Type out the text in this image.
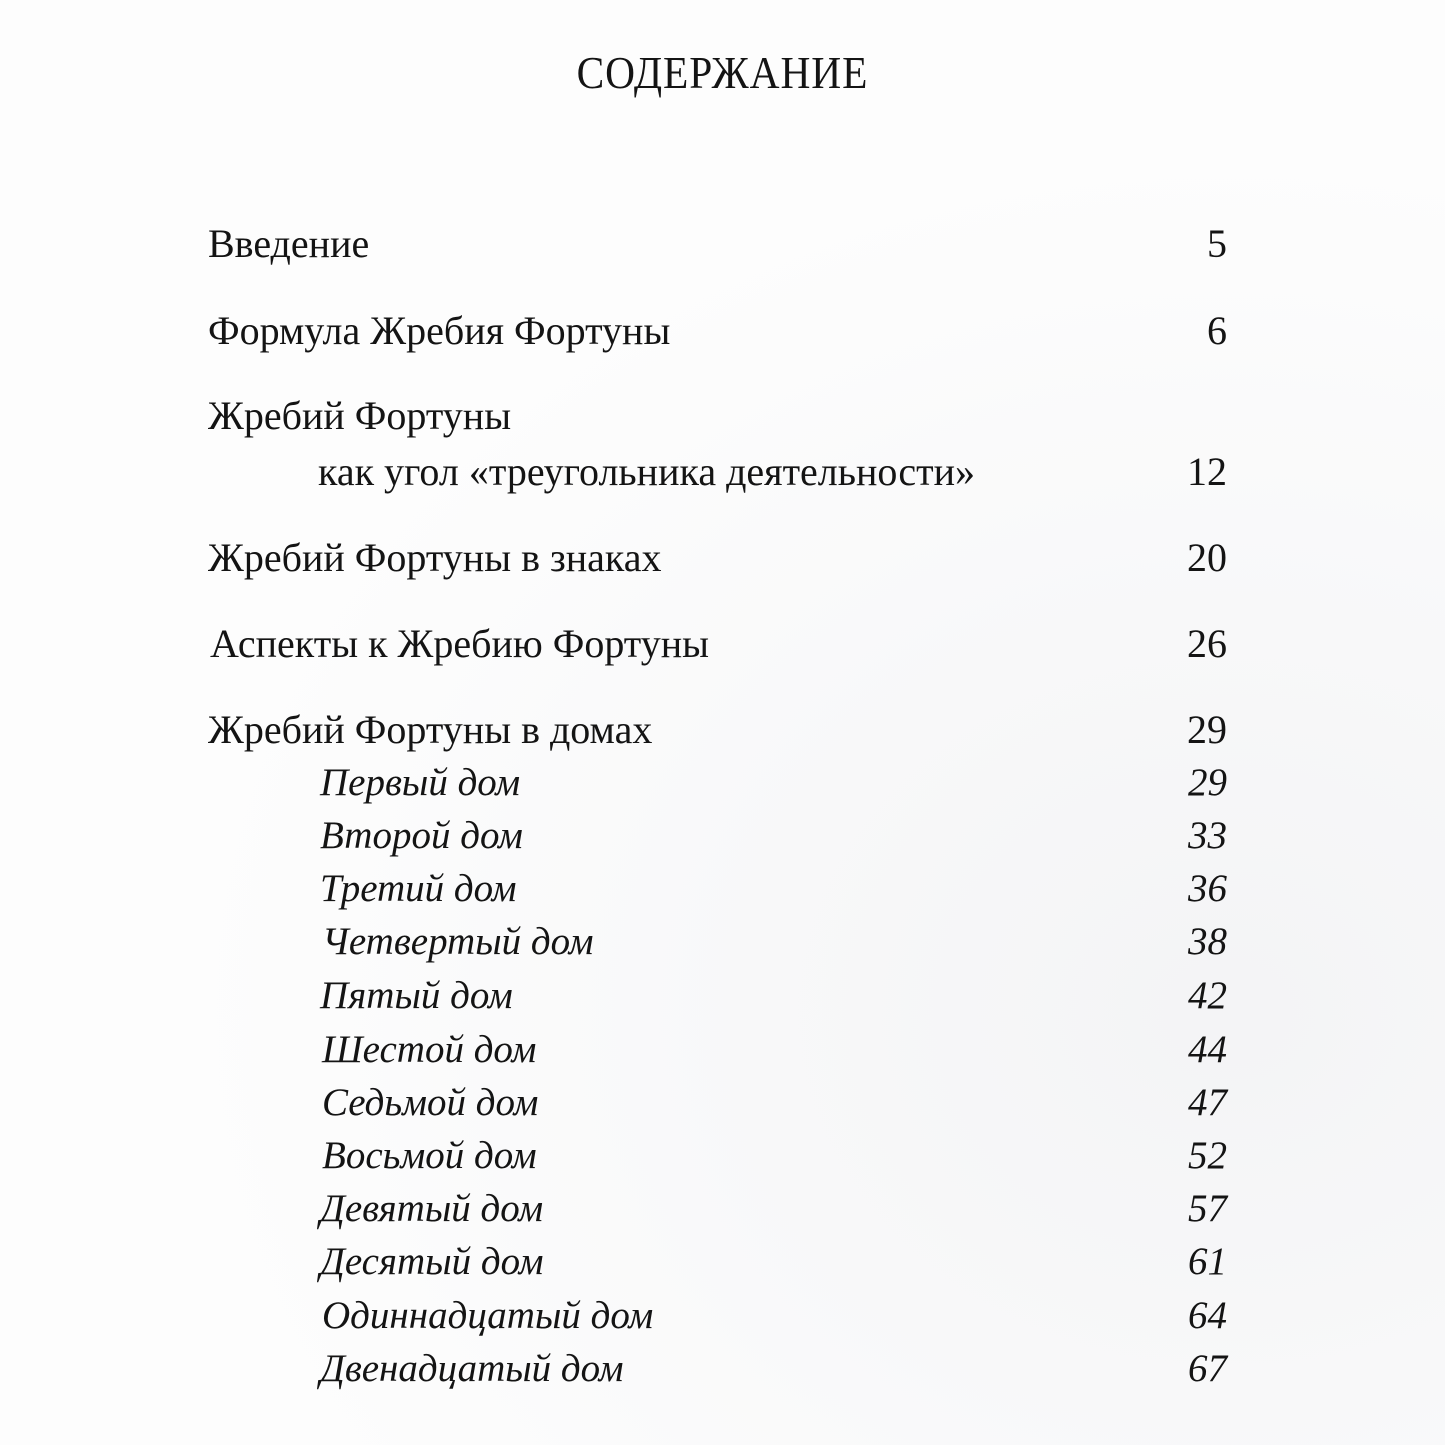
СОДЕРЖАНИЕ
Введение	5
Формула Жребия Фортуны	6
Жребий Фортуны
как угол «треугольника деятельности»	12
Жребий Фортуны в знаках	20
Аспекты к Жребию Фортуны	26
Жребий Фортуны в домах	29
Первый дом	29
Второй дом	33
Третий дом	36
Четвертый дом	38
Пятый дом	42
Шестой дом	44
Седьмой дом	47
Восьмой дом	52
Девятый дом	57
Десятый дом	61
Одиннадцатый дом	64
Двенадцатый дом	67
